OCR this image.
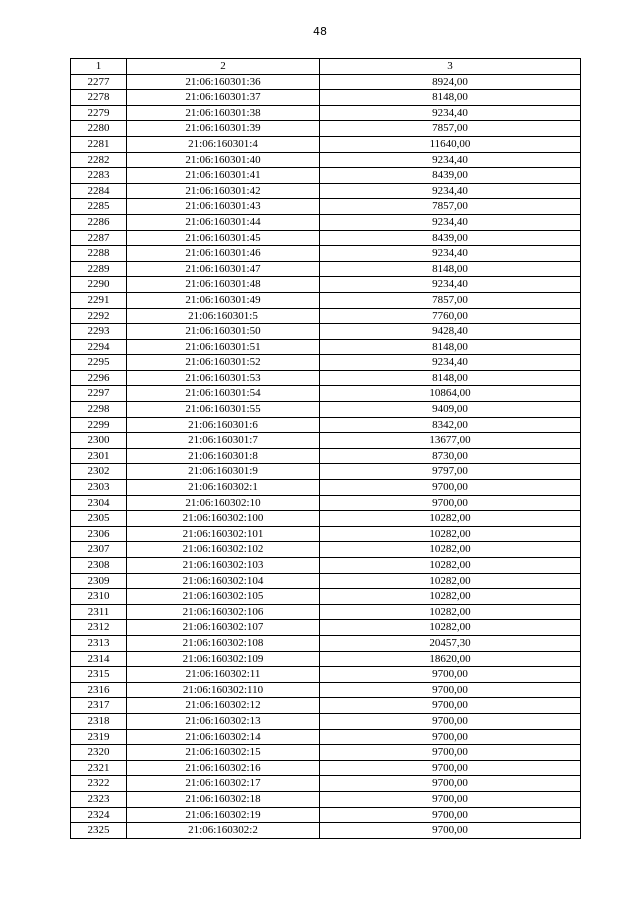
48
1	2	3
2277	21:06:160301:36	8924,00
2278	21:06:160301:37	8148,00
2279	21:06:160301:38	9234,40
2280	21:06:160301:39	7857,00
2281	21:06:160301:4	11640,00
2282	21:06:160301:40	9234,40
2283	21:06:160301:41	8439,00
2284	21:06:160301:42	9234,40
2285	21:06:160301:43	7857,00
2286	21:06:160301:44	9234,40
2287	21:06:160301:45	8439,00
2288	21:06:160301:46	9234,40
2289	21:06:160301:47	8148,00
2290	21:06:160301:48	9234,40
2291	21:06:160301:49	7857,00
2292	21:06:160301:5	7760,00
2293	21:06:160301:50	9428,40
2294	21:06:160301:51	8148,00
2295	21:06:160301:52	9234,40
2296	21:06:160301:53	8148,00
2297	21:06:160301:54	10864,00
2298	21:06:160301:55	9409,00
2299	21:06:160301:6	8342,00
2300	21:06:160301:7	13677,00
2301	21:06:160301:8	8730,00
2302	21:06:160301:9	9797,00
2303	21:06:160302:1	9700,00
2304	21:06:160302:10	9700,00
2305	21:06:160302:100	10282,00
2306	21:06:160302:101	10282,00
2307	21:06:160302:102	10282,00
2308	21:06:160302:103	10282,00
2309	21:06:160302:104	10282,00
2310	21:06:160302:105	10282,00
2311	21:06:160302:106	10282,00
2312	21:06:160302:107	10282,00
2313	21:06:160302:108	20457,30
2314	21:06:160302:109	18620,00
2315	21:06:160302:11	9700,00
2316	21:06:160302:110	9700,00
2317	21:06:160302:12	9700,00
2318	21:06:160302:13	9700,00
2319	21:06:160302:14	9700,00
2320	21:06:160302:15	9700,00
2321	21:06:160302:16	9700,00
2322	21:06:160302:17	9700,00
2323	21:06:160302:18	9700,00
2324	21:06:160302:19	9700,00
2325	21:06:160302:2	9700,00
